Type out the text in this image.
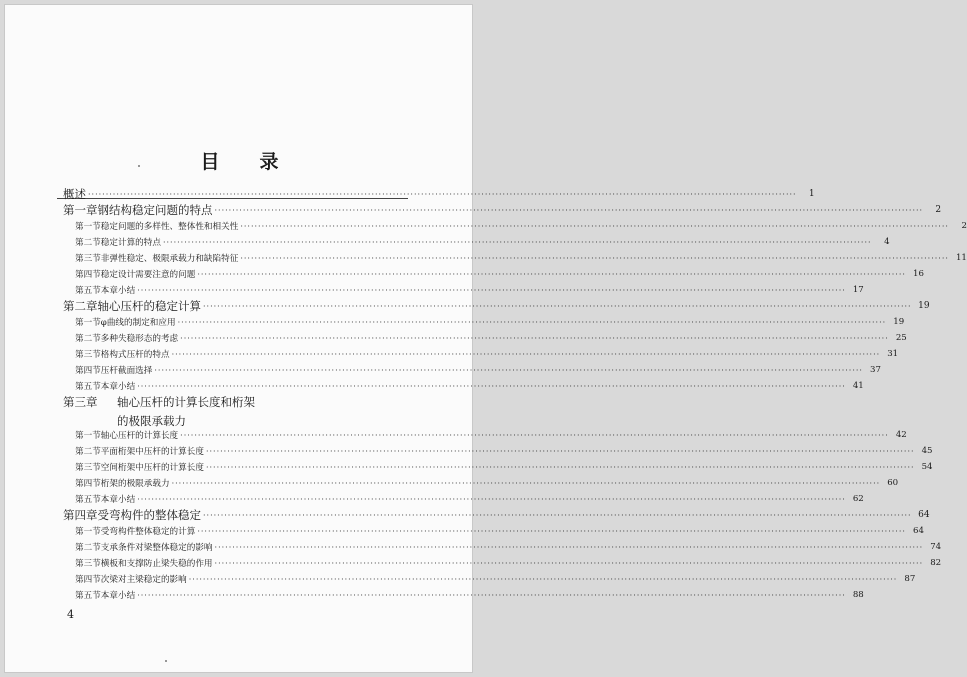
目 录
概述 ········································································································································································································	1
第一章 钢结构稳定问题的特点 ········································································································································································································	2
第一节 稳定问题的多样性、整体性和相关性 ········································································································································································································	2
第二节 稳定计算的特点 ········································································································································································································	4
第三节 非弹性稳定、极限承载力和缺陷特征 ········································································································································································································ 11
第四节 稳定设计需要注意的问题 ········································································································································································································ 16
第五节 本章小结 ········································································································································································································ 17
第二章 轴心压杆的稳定计算 ········································································································································································································ 19
第一节 φ曲线的制定和应用 ········································································································································································································ 19
第二节 多种失稳形态的考虑 ········································································································································································································ 25
第三节 格构式压杆的特点 ········································································································································································································ 31
第四节 压杆截面选择 ········································································································································································································ 37
第五节 本章小结 ········································································································································································································ 41
第三章	轴心压杆的计算长度和桁架
的极限承载力
第一节 轴心压杆的计算长度 ········································································································································································································ 42
第二节 平面桁架中压杆的计算长度 ········································································································································································································ 45
第三节 空间桁架中压杆的计算长度 ········································································································································································································ 54
第四节 桁架的极限承载力 ········································································································································································································ 60
第五节 本章小结 ········································································································································································································ 62
第四章 受弯构件的整体稳定 ········································································································································································································ 64
第一节 受弯构件整体稳定的计算 ········································································································································································································ 64
第二节 支承条件对梁整体稳定的影响 ········································································································································································································ 74
第三节 横板和支撑防止梁失稳的作用 ········································································································································································································ 82
第四节 次梁对主梁稳定的影响 ········································································································································································································ 87
第五节 本章小结 ········································································································································································································ 88
4
